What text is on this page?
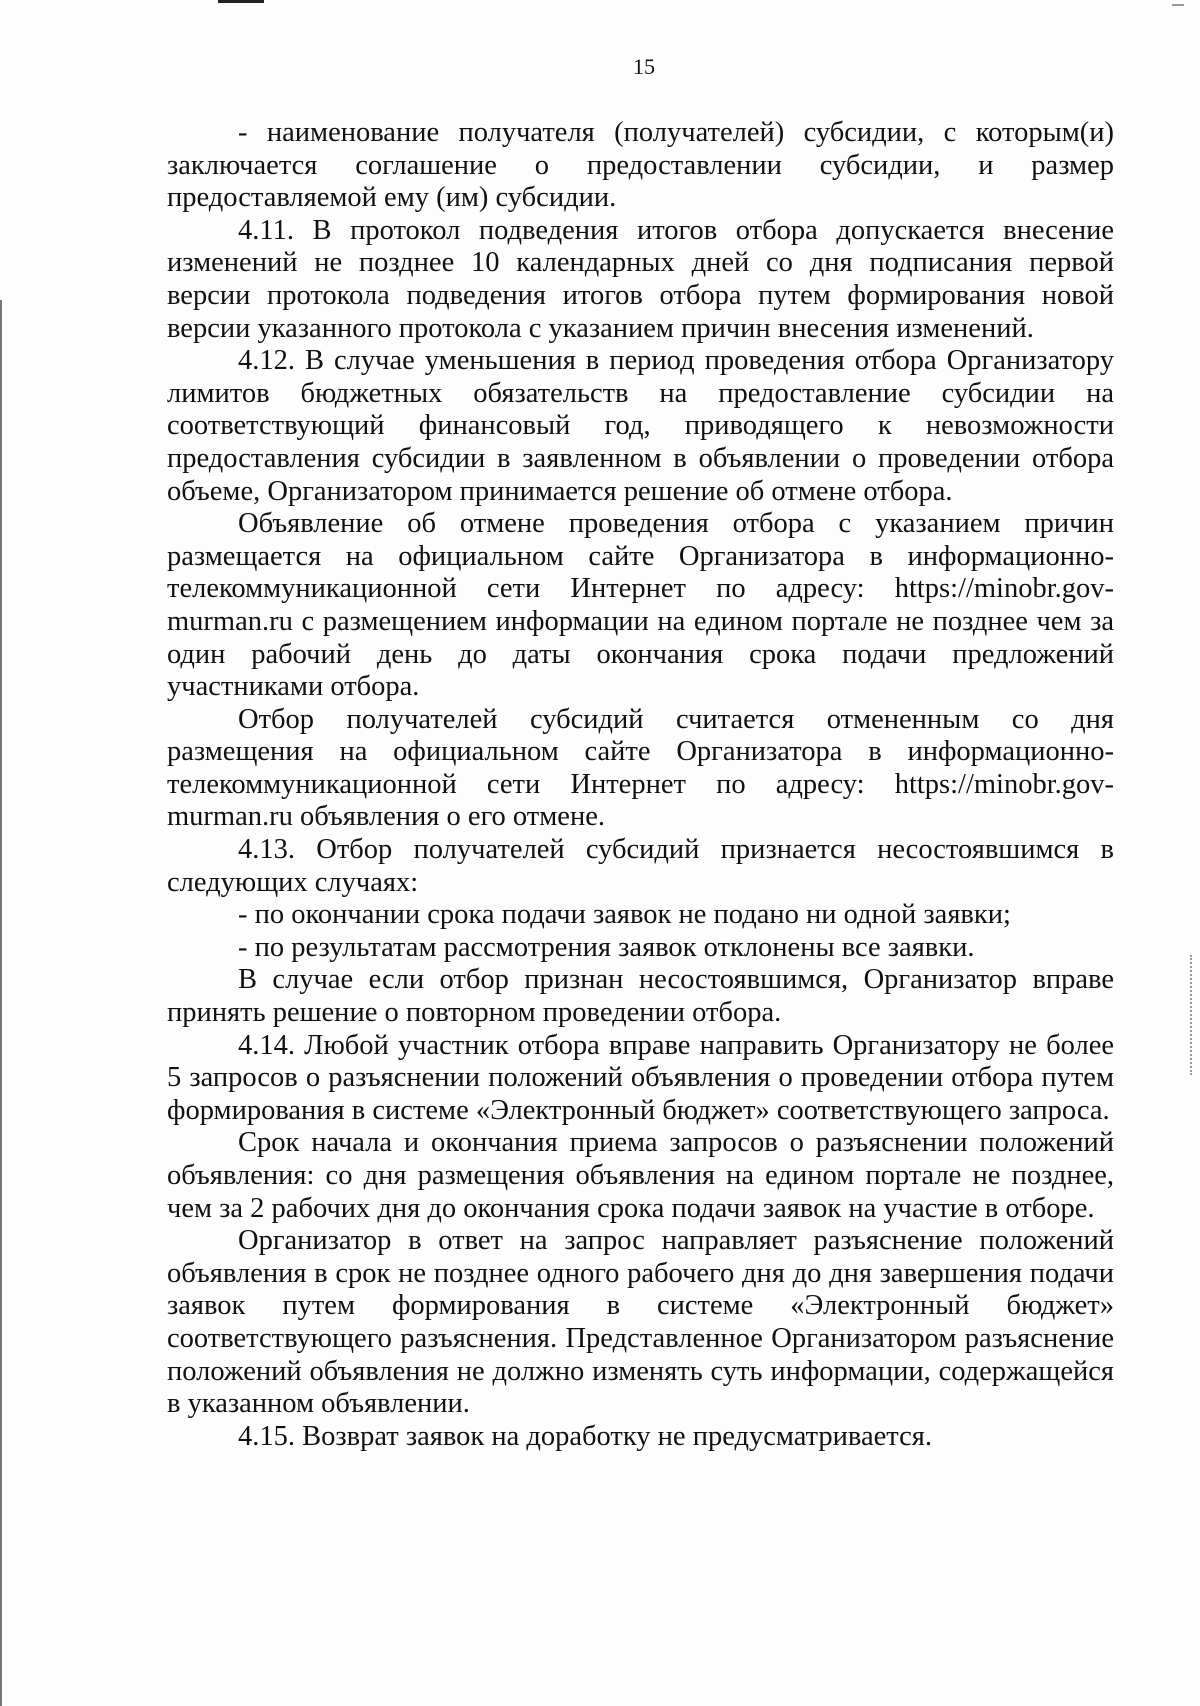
15

- наименование получателя (получателей) субсидии, с которым(и) заключается соглашение о предоставлении субсидии, и размер предоставляемой ему (им) субсидии.

4.11. В протокол подведения итогов отбора допускается внесение изменений не позднее 10 календарных дней со дня подписания первой версии протокола подведения итогов отбора путем формирования новой версии указанного протокола с указанием причин внесения изменений.

4.12. В случае уменьшения в период проведения отбора Организатору лимитов бюджетных обязательств на предоставление субсидии на соответствующий финансовый год, приводящего к невозможности предоставления субсидии в заявленном в объявлении о проведении отбора объеме, Организатором принимается решение об отмене отбора.

Объявление об отмене проведения отбора с указанием причин размещается на официальном сайте Организатора в информационно-телекоммуникационной сети Интернет по адресу: https://minobr.gov-murman.ru с размещением информации на едином портале не позднее чем за один рабочий день до даты окончания срока подачи предложений участниками отбора.

Отбор получателей субсидий считается отмененным со дня размещения на официальном сайте Организатора в информационно-телекоммуникационной сети Интернет по адресу: https://minobr.gov-murman.ru объявления о его отмене.

4.13. Отбор получателей субсидий признается несостоявшимся в следующих случаях:

- по окончании срока подачи заявок не подано ни одной заявки;

- по результатам рассмотрения заявок отклонены все заявки.

В случае если отбор признан несостоявшимся, Организатор вправе принять решение о повторном проведении отбора.

4.14. Любой участник отбора вправе направить Организатору не более 5 запросов о разъяснении положений объявления о проведении отбора путем формирования в системе «Электронный бюджет» соответствующего запроса.

Срок начала и окончания приема запросов о разъяснении положений объявления: со дня размещения объявления на едином портале не позднее, чем за 2 рабочих дня до окончания срока подачи заявок на участие в отборе.

Организатор в ответ на запрос направляет разъяснение положений объявления в срок не позднее одного рабочего дня до дня завершения подачи заявок путем формирования в системе «Электронный бюджет» соответствующего разъяснения. Представленное Организатором разъяснение положений объявления не должно изменять суть информации, содержащейся в указанном объявлении.

4.15. Возврат заявок на доработку не предусматривается.
